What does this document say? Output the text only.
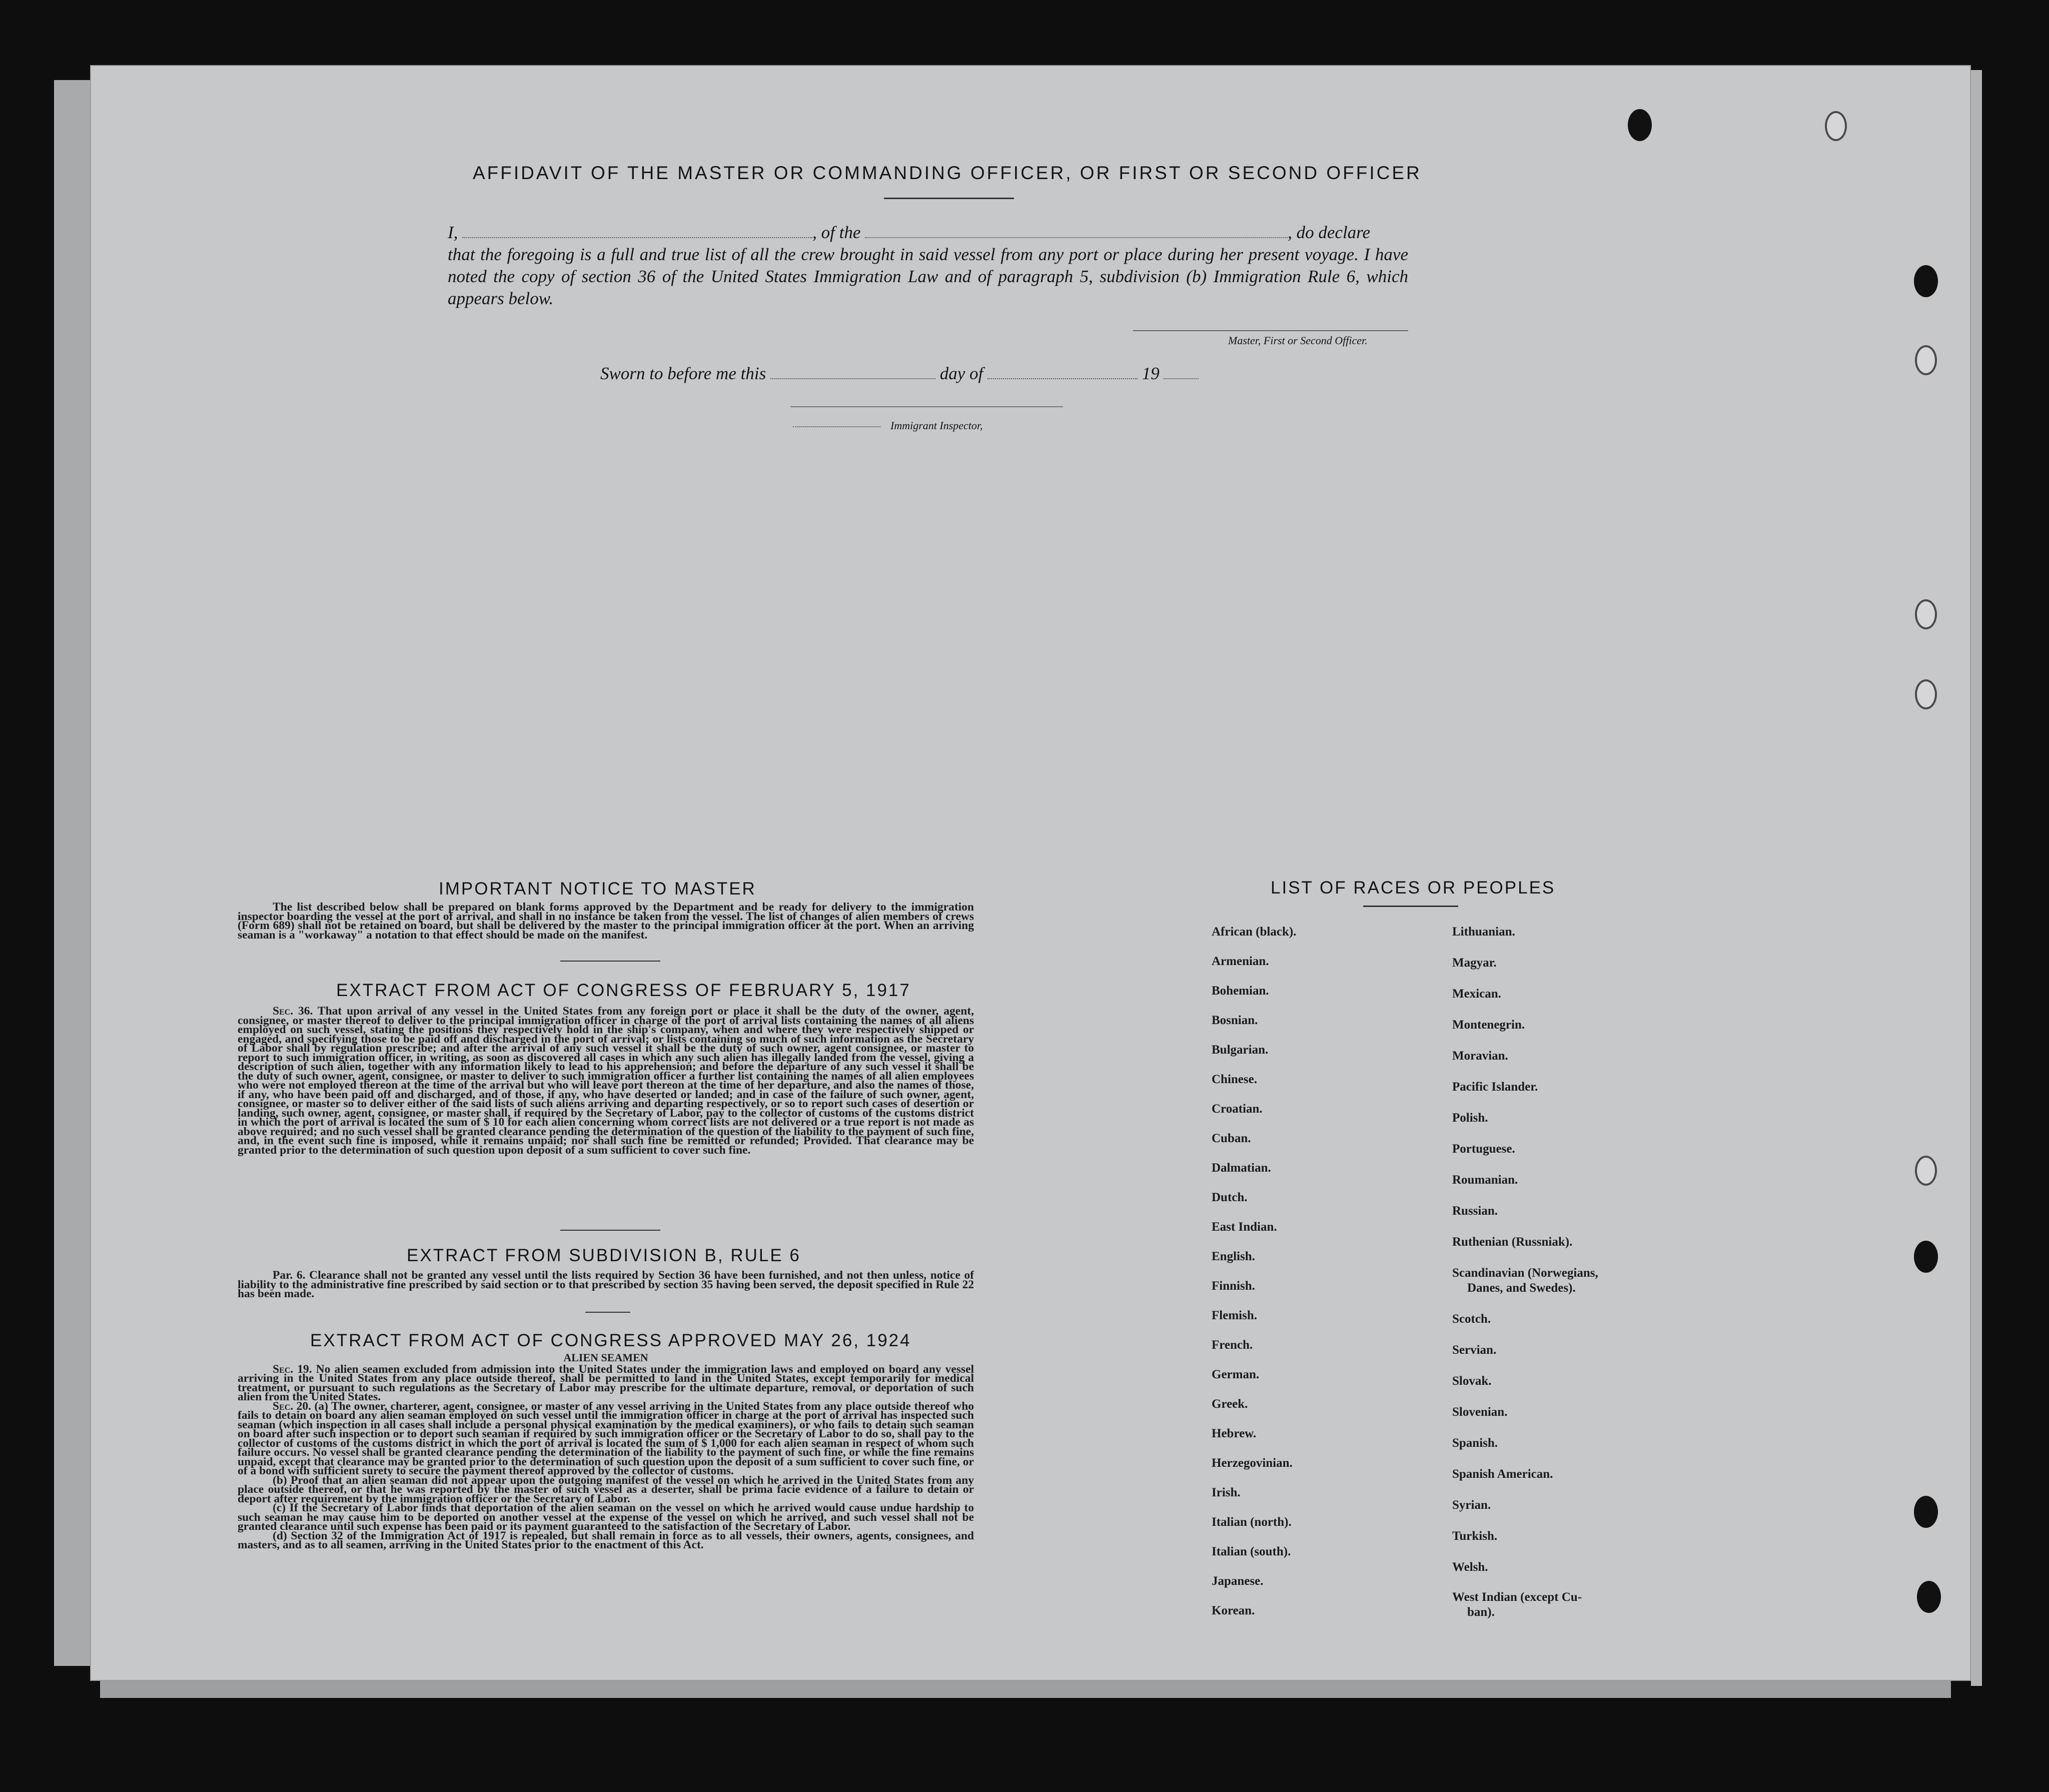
AFFIDAVIT OF THE MASTER OR COMMANDING OFFICER, OR FIRST OR SECOND OFFICER
I,	, of the	, do declare
that the foregoing is a full and true list of all the crew brought in said vessel from any port or place during her present voyage. I have noted the copy of section 36 of the United States Immigration Law and of paragraph 5, subdivision (b) Immigration Rule 6, which appears below.
Master, First or Second Officer.
Sworn to before me this	day of	19
Immigrant Inspector,
IMPORTANT NOTICE TO MASTER

The list described below shall be prepared on blank forms approved by the Department and be ready for delivery to the immigration inspector boarding the vessel at the port of arrival, and shall in no instance be taken from the vessel. The list of changes of alien members of crews (Form 689) shall not be retained on board, but shall be delivered by the master to the principal immigration officer at the port. When an arriving seaman is a "workaway" a notation to that effect should be made on the manifest.

EXTRACT FROM ACT OF CONGRESS OF FEBRUARY 5, 1917

Sec. 36. That upon arrival of any vessel in the United States from any foreign port or place it shall be the duty of the owner, agent, consignee, or master thereof to deliver to the principal immigration officer in charge of the port of arrival lists containing the names of all aliens employed on such vessel, stating the positions they respectively hold in the ship's company, when and where they were respectively shipped or engaged, and specifying those to be paid off and discharged in the port of arrival; or lists containing so much of such information as the Secretary of Labor shall by regulation prescribe; and after the arrival of any such vessel it shall be the duty of such owner, agent consignee, or master to report to such immigration officer, in writing, as soon as discovered all cases in which any such alien has illegally landed from the vessel, giving a description of such alien, together with any information likely to lead to his apprehension; and before the departure of any such vessel it shall be the duty of such owner, agent, consignee, or master to deliver to such immigration officer a further list containing the names of all alien employees who were not employed thereon at the time of the arrival but who will leave port thereon at the time of her departure, and also the names of those, if any, who have been paid off and discharged, and of those, if any, who have deserted or landed; and in case of the failure of such owner, agent, consignee, or master so to deliver either of the said lists of such aliens arriving and departing respectively, or so to report such cases of desertion or landing, such owner, agent, consignee, or master shall, if required by the Secretary of Labor, pay to the collector of customs of the customs district in which the port of arrival is located the sum of $ 10 for each alien concerning whom correct lists are not delivered or a true report is not made as above required; and no such vessel shall be granted clearance pending the determination of the question of the liability to the payment of such fine, and, in the event such fine is imposed, while it remains unpaid; nor shall such fine be remitted or refunded; Provided. That clearance may be granted prior to the determination of such question upon deposit of a sum sufficient to cover such fine.

EXTRACT FROM SUBDIVISION B, RULE 6

Par. 6. Clearance shall not be granted any vessel until the lists required by Section 36 have been furnished, and not then unless, notice of liability to the administrative fine prescribed by said section or to that prescribed by section 35 having been served, the deposit specified in Rule 22 has been made.

EXTRACT FROM ACT OF CONGRESS APPROVED MAY 26, 1924

ALIEN SEAMEN

Sec. 19. No alien seamen excluded from admission into the United States under the immigration laws and employed on board any vessel arriving in the United States from any place outside thereof, shall be permitted to land in the United States, except temporarily for medical treatment, or pursuant to such regulations as the Secretary of Labor may prescribe for the ultimate departure, removal, or deportation of such alien from the United States.

Sec. 20. (a) The owner, charterer, agent, consignee, or master of any vessel arriving in the United States from any place outside thereof who fails to detain on board any alien seaman employed on such vessel until the immigration officer in charge at the port of arrival has inspected such seaman (which inspection in all cases shall include a personal physical examination by the medical examiners), or who fails to detain such seaman on board after such inspection or to deport such seaman if required by such immigration officer or the Secretary of Labor to do so, shall pay to the collector of customs of the customs district in which the port of arrival is located the sum of $ 1,000 for each alien seaman in respect of whom such failure occurs. No vessel shall be granted clearance pending the determination of the liability to the payment of such fine, or while the fine remains unpaid, except that clearance may be granted prior to the determination of such question upon the deposit of a sum sufficient to cover such fine, or of a bond with sufficient surety to secure the payment thereof approved by the collector of customs.

(b) Proof that an alien seaman did not appear upon the outgoing manifest of the vessel on which he arrived in the United States from any place outside thereof, or that he was reported by the master of such vessel as a deserter, shall be prima facie evidence of a failure to detain or deport after requirement by the immigration officer or the Secretary of Labor.

(c) If the Secretary of Labor finds that deportation of the alien seaman on the vessel on which he arrived would cause undue hardship to such seaman he may cause him to be deported on another vessel at the expense of the vessel on which he arrived, and such vessel shall not be granted clearance until such expense has been paid or its payment guaranteed to the satisfaction of the Secretary of Labor.

(d) Section 32 of the Immigration Act of 1917 is repealed, but shall remain in force as to all vessels, their owners, agents, consignees, and masters, and as to all seamen, arriving in the United States prior to the enactment of this Act.

LIST OF RACES OR PEOPLES
African (black).
Armenian.
Bohemian.
Bosnian.
Bulgarian.
Chinese.
Croatian.
Cuban.
Dalmatian.
Dutch.
East Indian.
English.
Finnish.
Flemish.
French.
German.
Greek.
Hebrew.
Herzegovinian.
Irish.
Italian (north).
Italian (south).
Japanese.
Korean.
Lithuanian.
Magyar.
Mexican.
Montenegrin.
Moravian.
Pacific Islander.
Polish.
Portuguese.
Roumanian.
Russian.
Ruthenian (Russniak).
Scandinavian (Norwegians,
Danes, and Swedes).
Scotch.
Servian.
Slovak.
Slovenian.
Spanish.
Spanish American.
Syrian.
Turkish.
Welsh.
West Indian (except Cu-
ban).
